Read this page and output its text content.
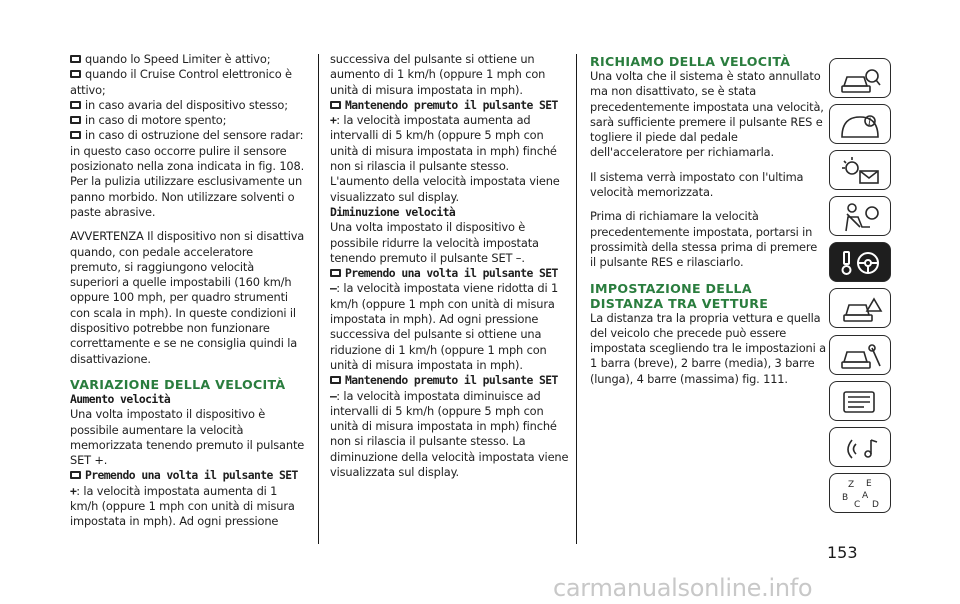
quando lo Speed Limiter è attivo;

quando il Cruise Control elettronico è attivo;

in caso avaria del dispositivo stesso;

in caso di motore spento;

in caso di ostruzione del sensore radar: in questo caso occorre pulire il sensore posizionato nella zona indicata in fig. 108. Per la pulizia utilizzare esclusivamente un panno morbido. Non utilizzare solventi o paste abrasive.

AVVERTENZA Il dispositivo non si disattiva quando, con pedale acceleratore premuto, si raggiungono velocità superiori a quelle impostabili (160 km/h oppure 100 mph, per quadro strumenti con scala in mph). In queste condizioni il dispositivo potrebbe non funzionare correttamente e se ne consiglia quindi la disattivazione.

VARIAZIONE DELLA VELOCITÀ
Aumento velocità

Una volta impostato il dispositivo è possibile aumentare la velocità memorizzata tenendo premuto il pulsante SET +.

Premendo una volta il pulsante SET +: la velocità impostata aumenta di 1 km/h (oppure 1 mph con unità di misura impostata in mph). Ad ogni pressione

successiva del pulsante si ottiene un aumento di 1 km/h (oppure 1 mph con unità di misura impostata in mph).

Mantenendo premuto il pulsante SET +: la velocità impostata aumenta ad intervalli di 5 km/h (oppure 5 mph con unità di misura impostata in mph) finché non si rilascia il pulsante stesso. L'aumento della velocità impostata viene visualizzato sul display.

Diminuzione velocità

Una volta impostato il dispositivo è possibile ridurre la velocità impostata tenendo premuto il pulsante SET –.

Premendo una volta il pulsante SET –: la velocità impostata viene ridotta di 1 km/h (oppure 1 mph con unità di misura impostata in mph). Ad ogni pressione successiva del pulsante si ottiene una riduzione di 1 km/h (oppure 1 mph con unità di misura impostata in mph).

Mantenendo premuto il pulsante SET –: la velocità impostata diminuisce ad intervalli di 5 km/h (oppure 5 mph con unità di misura impostata in mph) finché non si rilascia il pulsante stesso. La diminuzione della velocità impostata viene visualizzata sul display.

RICHIAMO DELLA VELOCITÀ

Una volta che il sistema è stato annullato ma non disattivato, se è stata precedentemente impostata una velocità, sarà sufficiente premere il pulsante RES e togliere il piede dal pedale dell'acceleratore per richiamarla.

Il sistema verrà impostato con l'ultima velocità memorizzata.

Prima di richiamare la velocità precedentemente impostata, portarsi in prossimità della stessa prima di premere il pulsante RES e rilasciarlo.

IMPOSTAZIONE DELLA
DISTANZA TRA VETTURE

La distanza tra la propria vettura e quella del veicolo che precede può essere impostata scegliendo tra le impostazioni a 1 barra (breve), 2 barre (media), 3 barre (lunga), 4 barre (massima) fig. 111.

i
Z E
B
C
A
D
153
carmanualsonline.info
